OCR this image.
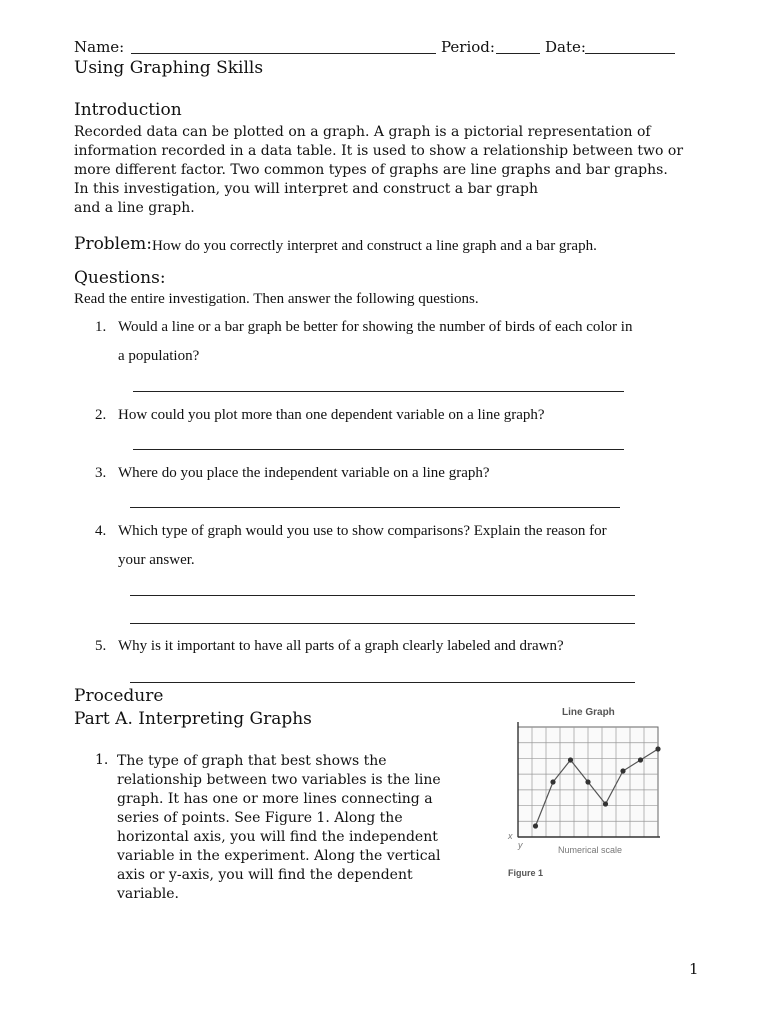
Name:	Period:	Date:
Using Graphing Skills
Introduction
Recorded data can be plotted on a graph. A graph is a pictorial representation of
information recorded in a data table. It is used to show a relationship between two or
more different factor. Two common types of graphs are line graphs and bar graphs.
In this investigation, you will interpret and construct a bar graph
and a line graph.
Problem: How do you correctly interpret and construct a line graph and a bar graph.
Questions:
Read the entire investigation. Then answer the following questions.
1. Would a line or a bar graph be better for showing the number of birds of each color in
a population?
2. How could you plot more than one dependent variable on a line graph?
3. Where do you place the independent variable on a line graph?
4. Which type of graph would you use to show comparisons? Explain the reason for
your answer.
5. Why is it important to have all parts of a graph clearly labeled and drawn?
Procedure
Part A. Interpreting Graphs
1. The type of graph that best shows the
relationship between two variables is the line
graph. It has one or more lines connecting a
series of points. See Figure 1. Along the
horizontal axis, you will find the independent
variable in the experiment. Along the vertical
axis or y-axis, you will find the dependent
variable.
Line Graph
x
y	Numerical scale
Figure 1
1
